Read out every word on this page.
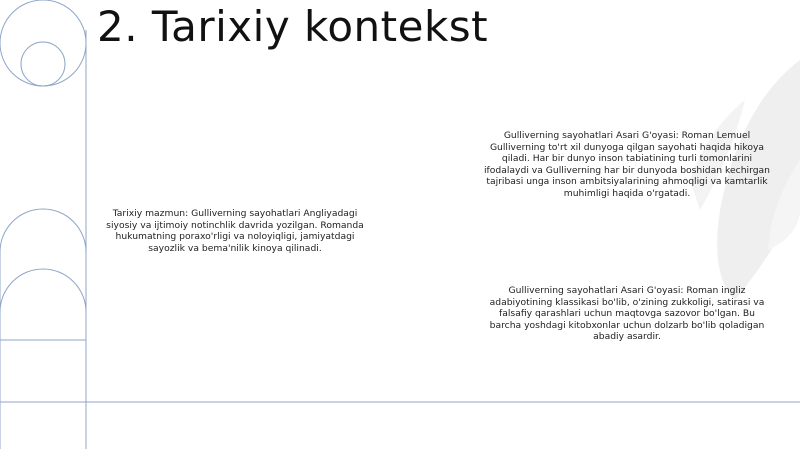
2. Tarixiy kontekst
Tarixiy mazmun: Gulliverning sayohatlari Angliyadagi siyosiy va ijtimoiy notinchlik davrida yozilgan. Romanda hukumatning poraxo'rligi va noloyiqligi, jamiyatdagi sayozlik va bema'nilik kinoya qilinadi.
Gulliverning sayohatlari Asari G'oyasi: Roman Lemuel Gulliverning to'rt xil dunyoga qilgan sayohati haqida hikoya qiladi. Har bir dunyo inson tabiatining turli tomonlarini ifodalaydi va Gulliverning har bir dunyoda boshidan kechirgan tajribasi unga inson ambitsiyalarining ahmoqligi va kamtarlik muhimligi haqida o'rgatadi.
Gulliverning sayohatlari Asari G'oyasi: Roman ingliz adabiyotining klassikasi bo'lib, o'zining zukkoligi, satirasi va falsafiy qarashlari uchun maqtovga sazovor bo'lgan. Bu barcha yoshdagi kitobxonlar uchun dolzarb bo'lib qoladigan abadiy asardir.
